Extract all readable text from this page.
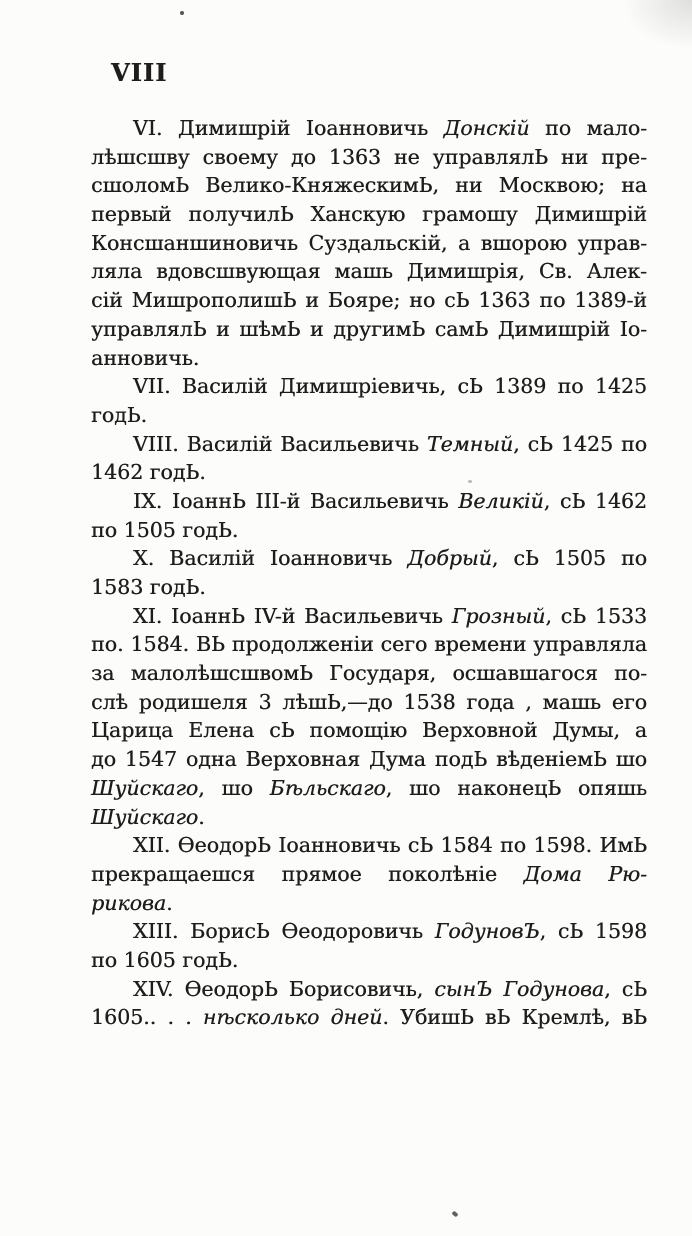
VIII
VI. Димишрій Іоанновичь Донскій по мало-
лѣшсшву своему до 1363 не управлялЬ ни пре-
сшоломЬ Велико-КняжескимЬ, ни Москвою; на
первый получилЬ Ханскую грамошу Димишрій
Консшаншиновичь Суздальскій, а вшорою управ-
ляла вдовсшвующая машь Димишрія, Св. Алек-
сій МишрополишЬ и Бояре; но сЬ 1363 по 1389-й
управлялЬ и шѣмЬ и другимЬ самЬ Димишрій Іо-
анновичь.
VII. Василій Димишріевичь, сЬ 1389 по 1425
годЬ.
VIII. Василій Васильевичь Темный, сЬ 1425 по
1462 годЬ.
IX. ІоаннЬ III-й Васильевичь Великій, сЬ 1462
по 1505 годЬ.
X. Василій Іоанновичь Добрый, сЬ 1505 по
1583 годЬ.
XI. ІоаннЬ IV-й Васильевичь Грозный, сЬ 1533
по. 1584. ВЬ продолженіи сего времени управляла
за малолѣшсшвомЬ Государя, осшавшагося по-
слѣ родишеля 3 лѣшЬ,—до 1538 года , машь его
Царица Елена сЬ помощію Верховной Думы, а
до 1547 одна Верховная Дума подЬ вѣденіемЬ шо
Шуйскаго, шо Бѣльскаго, шо наконецЬ опяшь
Шуйскаго.
XII. ѲеодорЬ Іоанновичь сЬ 1584 по 1598. ИмЬ
прекращаешся прямое поколѣніе Дома Рю-
рикова.
XIII. БорисЬ Ѳеодоровичь ГодуновЪ, сЬ 1598
по 1605 годЬ.
XIV. ѲеодорЬ Борисовичь, сынЪ Годунова, сЬ
1605.. . . нѣсколько дней. УбишЬ вЬ Кремлѣ, вЬ
